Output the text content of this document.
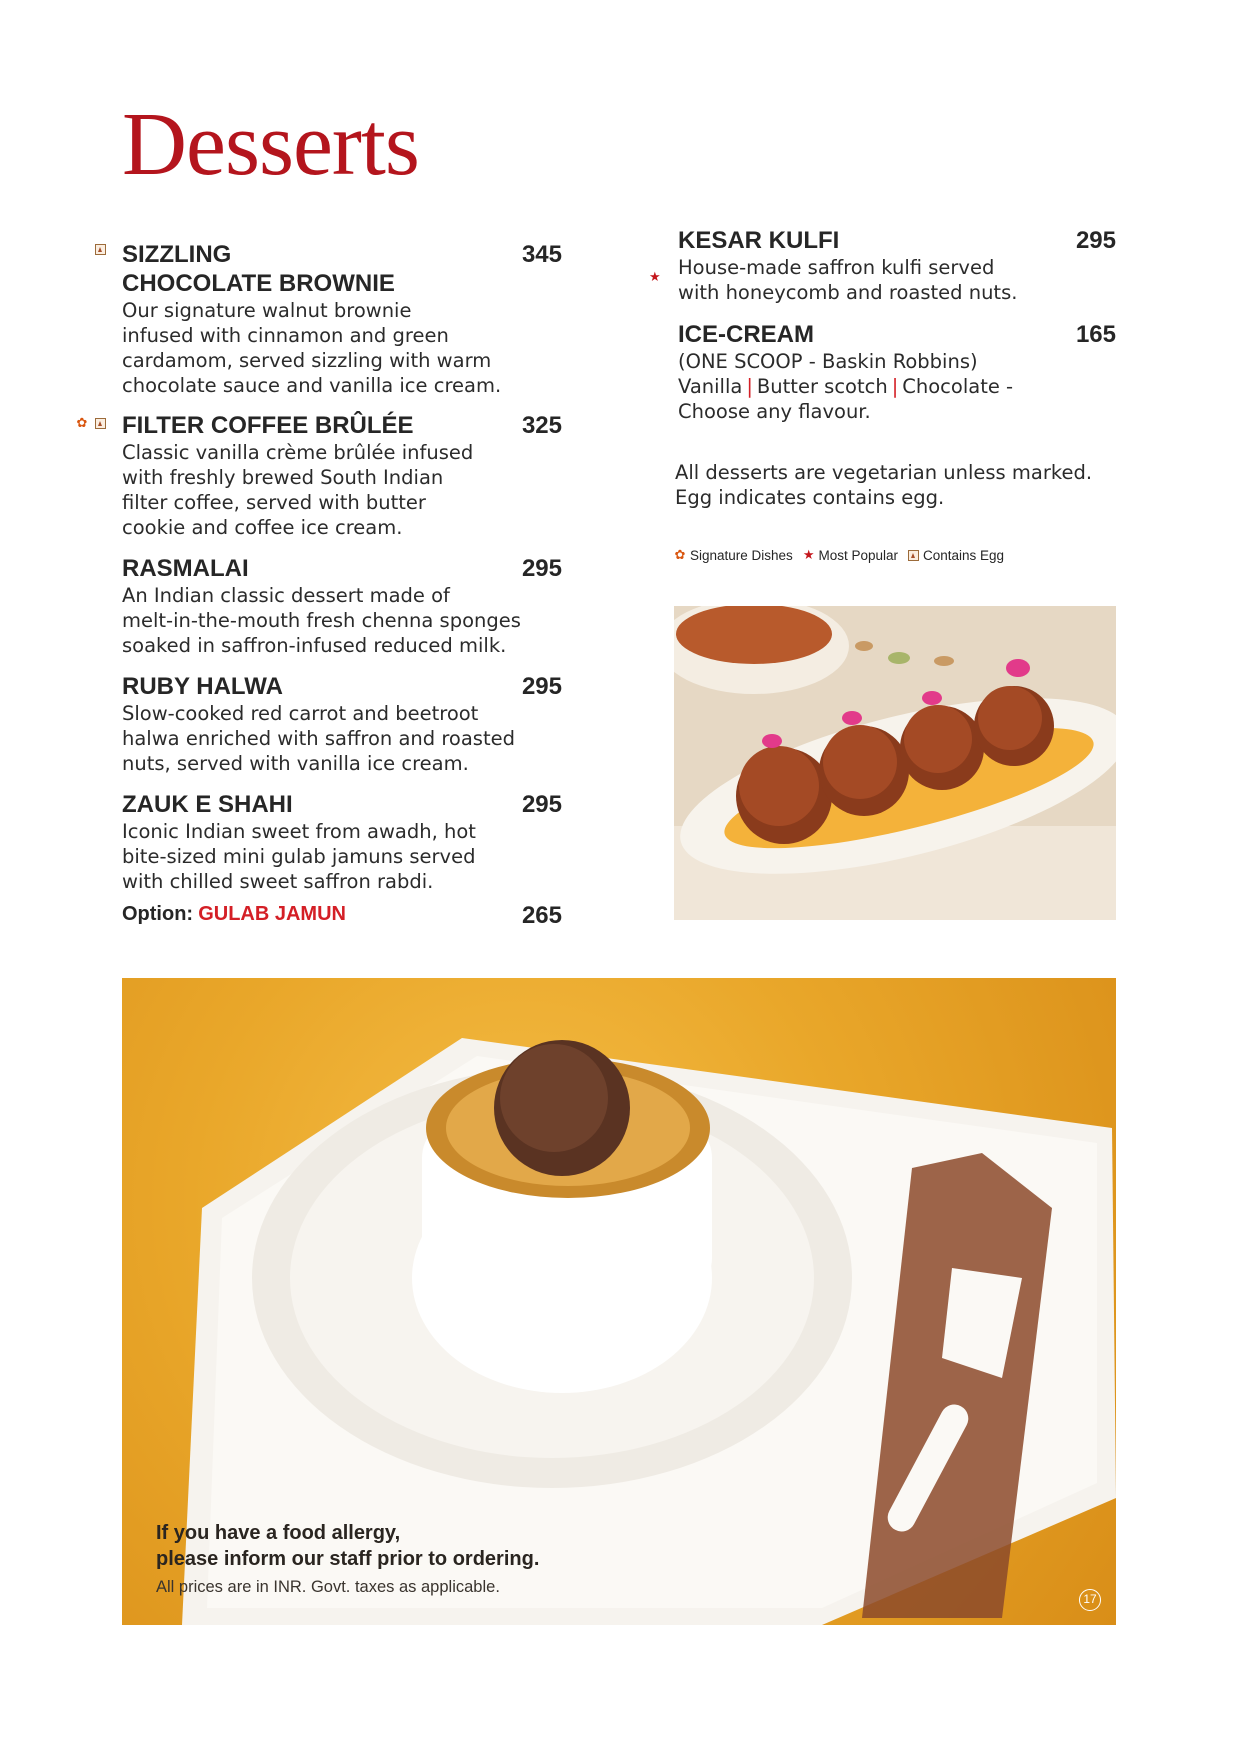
Desserts

SIZZLING
CHOCOLATE BROWNIE

345

Our signature walnut brownie
infused with cinnamon and green
cardamom, served sizzling with warm
chocolate sauce and vanilla ice cream.

✿ FILTER COFFEE BRÛLÉE	325

Classic vanilla crème brûlée infused
with freshly brewed South Indian
filter coffee, served with butter
cookie and coffee ice cream.

RASMALAI	295

An Indian classic dessert made of
melt-in-the-mouth fresh chenna sponges
soaked in saffron-infused reduced milk.

RUBY HALWA	295

Slow-cooked red carrot and beetroot
halwa enriched with saffron and roasted
nuts, served with vanilla ice cream.

ZAUK E SHAHI	295

Iconic Indian sweet from awadh, hot
bite-sized mini gulab jamuns served
with chilled sweet saffron rabdi.

Option: GULAB JAMUN	265
★

KESAR KULFI	295

House-made saffron kulfi served
with honeycomb and roasted nuts.

ICE-CREAM	165

(ONE SCOOP - Baskin Robbins)

Vanilla | Butter scotch | Chocolate -

Choose any flavour.

All desserts are vegetarian unless marked.
Egg indicates contains egg.

✿ Signature Dishes ★ Most Popular Contains Egg

If you have a food allergy,
please inform our staff prior to ordering.

All prices are in INR. Govt. taxes as applicable.

17
